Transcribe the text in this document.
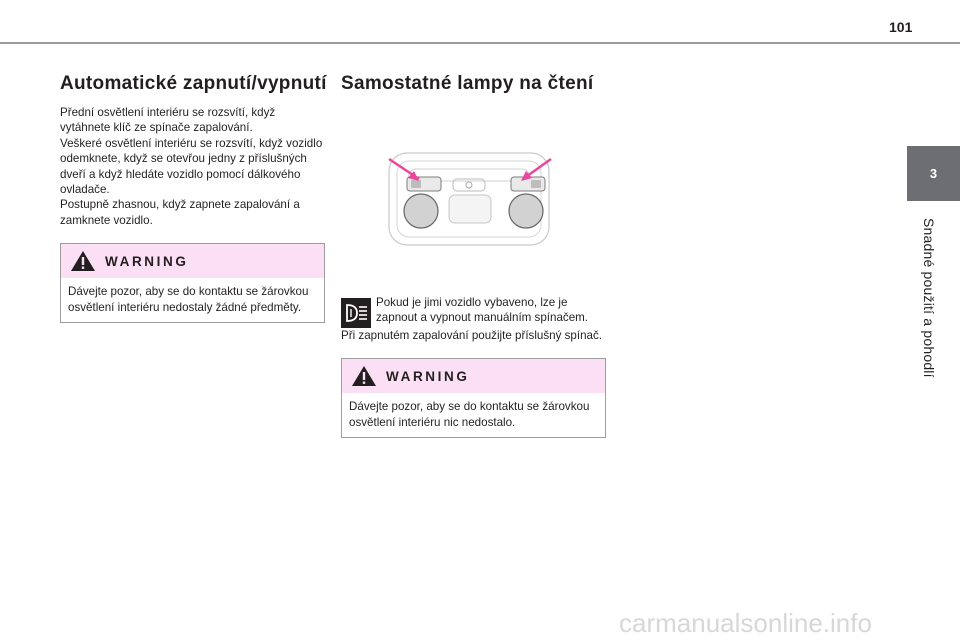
101
3
Snadné použití a pohodlí
Automatické zapnutí/vypnutí

Přední osvětlení interiéru se rozsvítí, když vytáhnete klíč ze spínače zapalování.

Veškeré osvětlení interiéru se rozsvítí, když vozidlo odemknete, když se otevřou jedny z příslušných dveří a když hledáte vozidlo pomocí dálkového ovladače.

Postupně zhasnou, když zapnete zapalování a zamknete vozidlo.

WARNING
Dávejte pozor, aby se do kontaktu se žárovkou osvětlení interiéru nedostaly žádné předměty.
Samostatné lampy na čtení
Pokud je jimi vozidlo vybaveno, lze je zapnout a vypnout manuálním spínačem.

Při zapnutém zapalování použijte příslušný spínač.

WARNING
Dávejte pozor, aby se do kontaktu se žárovkou osvětlení interiéru nic nedostalo.
carmanualsonline.info
